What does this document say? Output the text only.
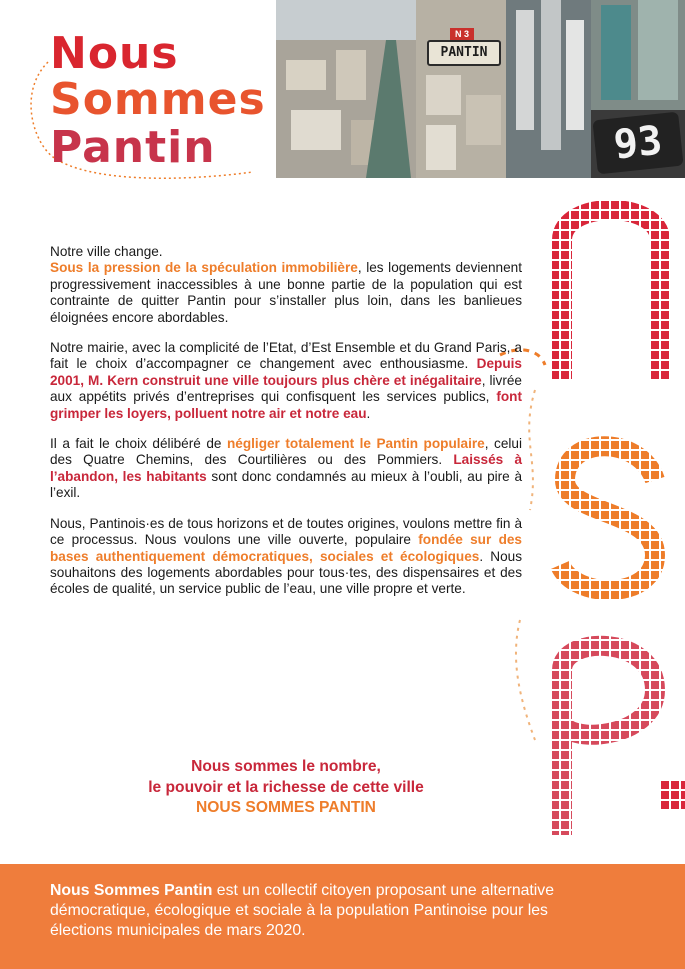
Nous
Sommes
Pantin
N 3
PANTIN
93

Notre ville change.
Sous la pression de la spéculation immobilière, les logements deviennent progressivement inaccessibles à une bonne partie de la population qui est contrainte de quitter Pantin pour s’installer plus loin, dans les banlieues éloignées encore abordables.

Notre mairie, avec la complicité de l’Etat, d’Est Ensemble et du Grand Paris, a fait le choix d’accompagner ce changement avec enthousiasme. Depuis 2001, M. Kern construit une ville toujours plus chère et inégalitaire, livrée aux appétits privés d’entreprises qui confisquent les services publics, font grimper les loyers, polluent notre air et notre eau.

Il a fait le choix délibéré de négliger totalement le Pantin populaire, celui des Quatre Chemins, des Courtilières ou des Pommiers. Laissés à l’abandon, les habitants sont donc condamnés au mieux à l’oubli, au pire à l’exil.

Nous, Pantinois·es de tous horizons et de toutes origines, voulons mettre fin à ce processus. Nous voulons une ville ouverte, populaire fondée sur des bases authentiquement démocratiques, sociales et écologiques. Nous souhaitons des logements abordables pour tous·tes, des dispensaires et des écoles de qualité, un service public de l’eau, une ville propre et verte.

Nous sommes le nombre,
le pouvoir et la richesse de cette ville
NOUS SOMMES PANTIN
Nous Sommes Pantin est un collectif citoyen proposant une alternative démocratique, écologique et sociale à la population Pantinoise pour les élections municipales de mars 2020.
